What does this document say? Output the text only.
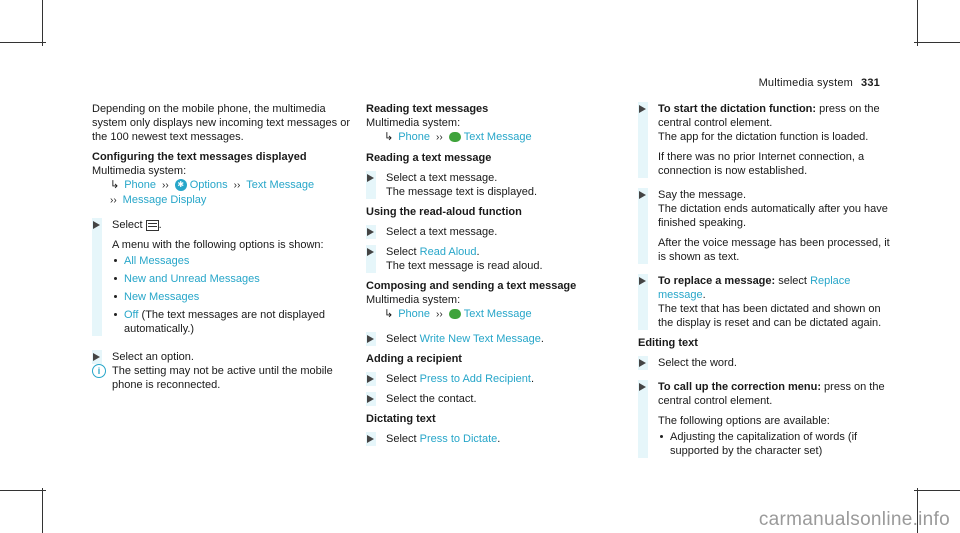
Multimedia system 331

Depending on the mobile phone, the multimedia system only displays new incoming text messages or the 100 newest text messages.

Configuring the text messages displayed

Multimedia system:

↳ Phone ›› ✱ Options ›› Text Message
›› Message Display

Select .

A menu with the following options is shown:

All Messages
New and Unread Messages
New Messages
Off (The text messages are not displayed automatically.)

Select an option.

i	The setting may not be active until the mobile phone is reconnected.

Reading text messages

Multimedia system:

↳ Phone ›› Text Message

Reading a text message

Select a text message.

The message text is displayed.

Using the read-aloud function

Select a text message.

Select Read Aloud.

The text message is read aloud.

Composing and sending a text message

Multimedia system:

↳ Phone ›› Text Message

Select Write New Text Message.

Adding a recipient

Select Press to Add Recipient.

Select the contact.

Dictating text

Select Press to Dictate.

To start the dictation function: press on the central control element.

The app for the dictation function is loaded.

If there was no prior Internet connection, a connection is now established.

Say the message.

The dictation ends automatically after you have finished speaking.

After the voice message has been processed, it is shown as text.

To replace a message: select Replace message.

The text that has been dictated and shown on the display is reset and can be dictated again.

Editing text

Select the word.

To call up the correction menu: press on the central control element.

The following options are available:

Adjusting the capitalization of words (if supported by the character set)
carmanualsonline.info
